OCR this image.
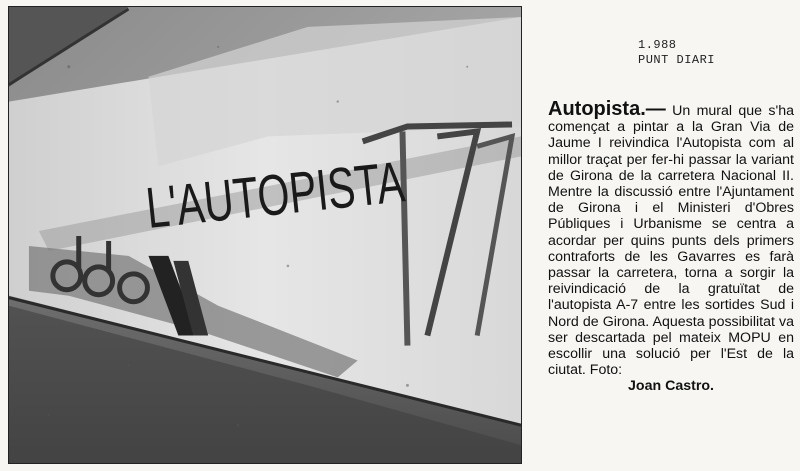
L'AUTOPISTA
1.988
PUNT DIARI
Autopista.— Un mural que s'ha començat a pintar a la Gran Via de Jaume I reivindica l'Autopista com al millor traçat per fer-hi passar la variant de Girona de la carretera Nacional II. Mentre la discussió entre l'Ajuntament de Girona i el Ministeri d'Obres Públiques i Urbanisme se centra a acordar per quins punts dels primers contraforts de les Gavarres es farà passar la carretera, torna a sorgir la reivindicació de la gratuïtat de l'autopista A-7 entre les sortides Sud i Nord de Girona. Aquesta possibilitat va ser descartada pel mateix MOPU en escollir una solució per l'Est de la ciutat. Foto:
Joan Castro.
